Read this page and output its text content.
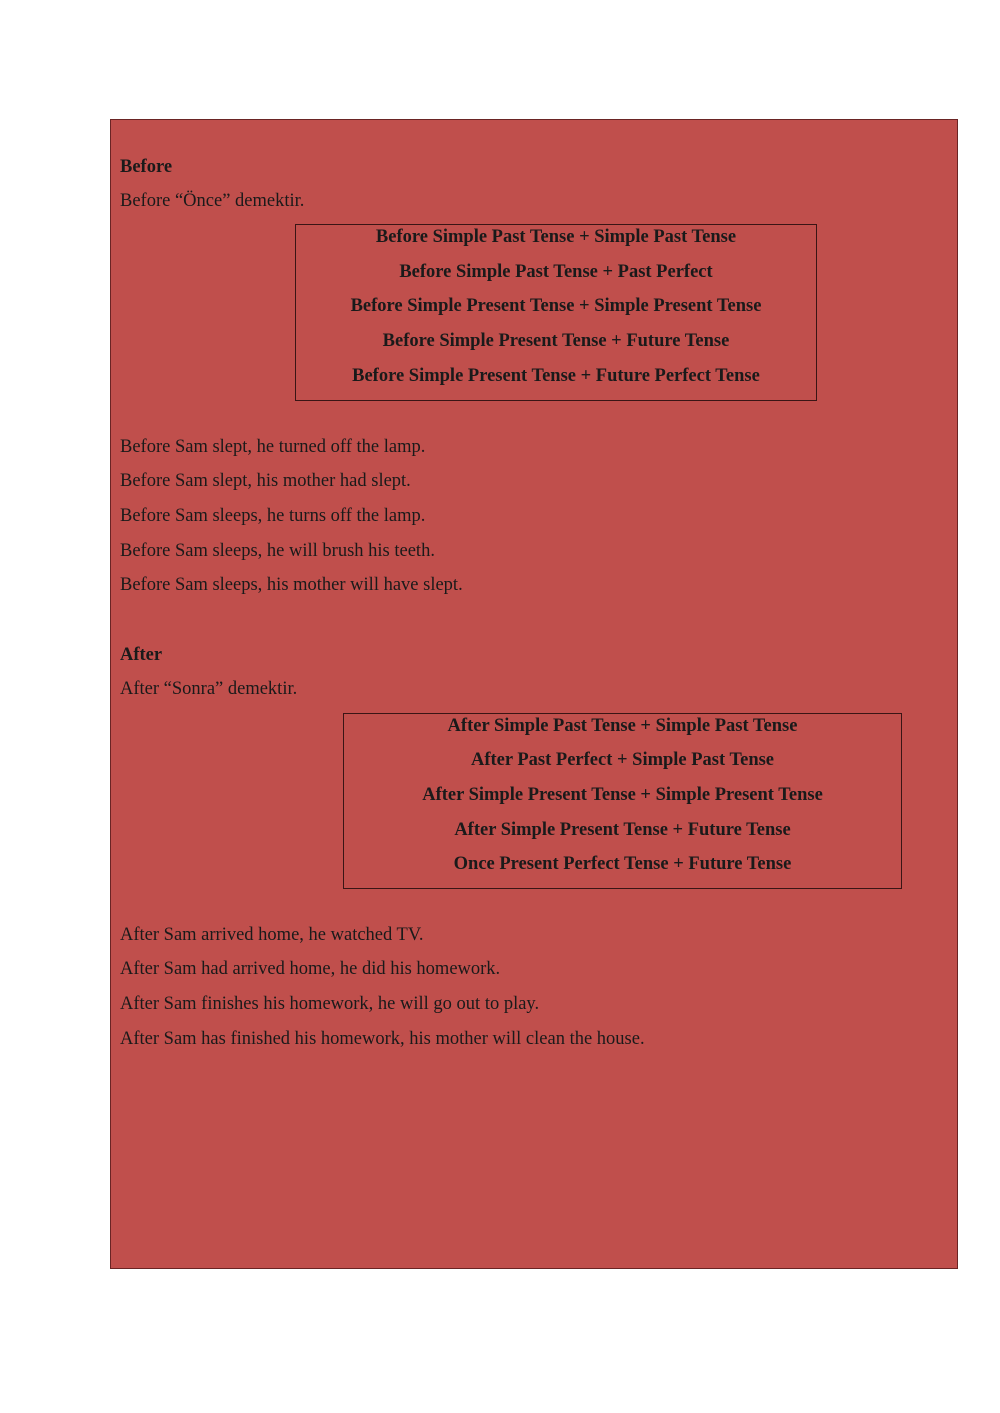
Before
Before “Önce” demektir.
Before Simple Past Tense + Simple Past Tense
Before Simple Past Tense + Past Perfect
Before Simple Present Tense + Simple Present Tense
Before Simple Present Tense + Future Tense
Before Simple Present Tense + Future Perfect Tense
Before Sam slept, he turned off the lamp.
Before Sam slept, his mother had slept.
Before Sam sleeps, he turns off the lamp.
Before Sam sleeps, he will brush his teeth.
Before Sam sleeps, his mother will have slept.
After
After “Sonra” demektir.
After Simple Past Tense + Simple Past Tense
After Past Perfect + Simple Past Tense
After Simple Present Tense + Simple Present Tense
After Simple Present Tense + Future Tense
Once Present Perfect Tense + Future Tense
After Sam arrived home, he watched TV.
After Sam had arrived home, he did his homework.
After Sam finishes his homework, he will go out to play.
After Sam has finished his homework, his mother will clean the house.
